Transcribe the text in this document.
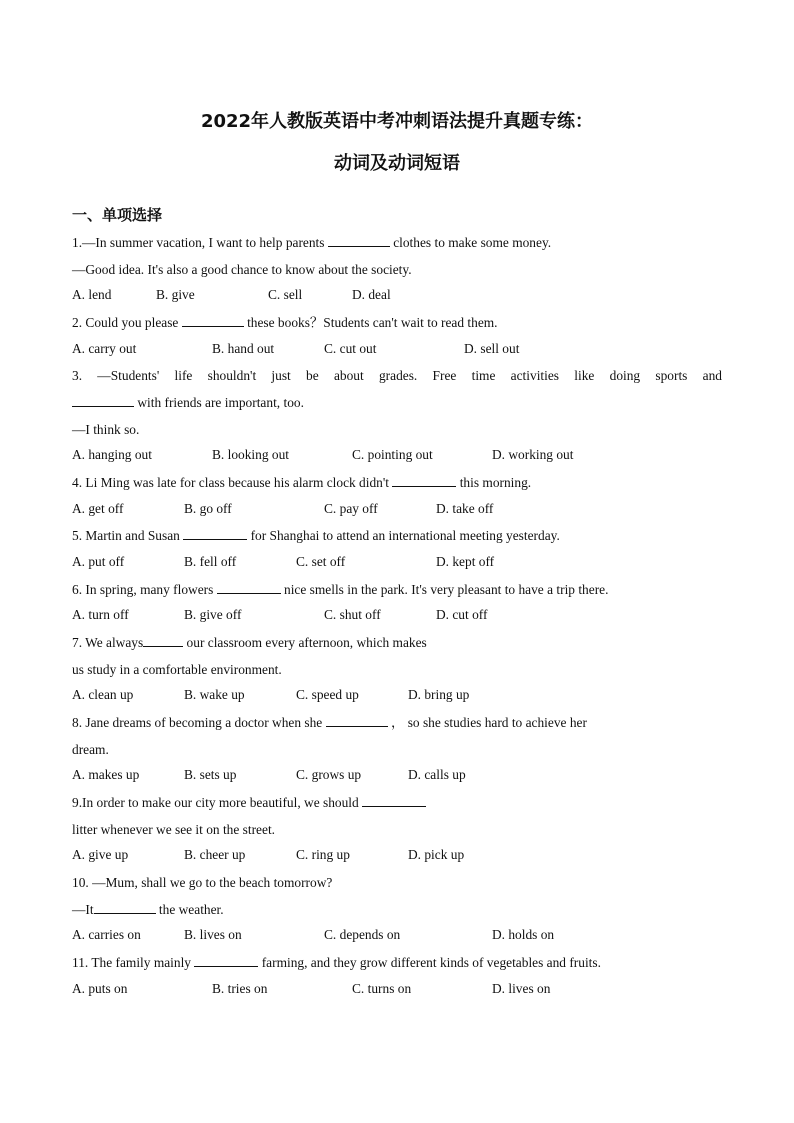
2022年人教版英语中考冲刺语法提升真题专练：
动词及动词短语
一、单项选择
1.—In summer vacation, I want to help parents	clothes to make some money.
—Good idea. It's also a good chance to know about the society.
A. lend	B. give	C. sell	D. deal
2. Could you please	these books？Students can't wait to read them.
A. carry out	B. hand out	C. cut out	D. sell out
3. —Students' life shouldn't just be about grades. Free time activities like doing sports and
with friends are important, too.
—I think so.
A. hanging out	B. looking out	C. pointing out	D. working out
4. Li Ming was late for class because his alarm clock didn't	this morning.
A. get off	B. go off	C. pay off	D. take off
5. Martin and Susan	for Shanghai to attend an international meeting yesterday.
A. put off	B. fell off	C. set off	D. kept off
6. In spring, many flowers	nice smells in the park. It's very pleasant to have a trip there.
A. turn off	B. give off	C. shut off	D. cut off
7. We always	our classroom every afternoon, which makes
us study in a comfortable environment.
A. clean up	B. wake up	C. speed up	D. bring up
8. Jane dreams of becoming a doctor when she	， so she studies hard to achieve her
dream.
A. makes up	B. sets up	C. grows up	D. calls up
9.In order to make our city more beautiful, we should
litter whenever we see it on the street.
A. give up	B. cheer up	C. ring up	D. pick up
10. —Mum, shall we go to the beach tomorrow?
—It	the weather.
A. carries on	B. lives on	C. depends on	D. holds on
11. The family mainly	farming, and they grow different kinds of vegetables and fruits.
A. puts on	B. tries on	C. turns on	D. lives on
